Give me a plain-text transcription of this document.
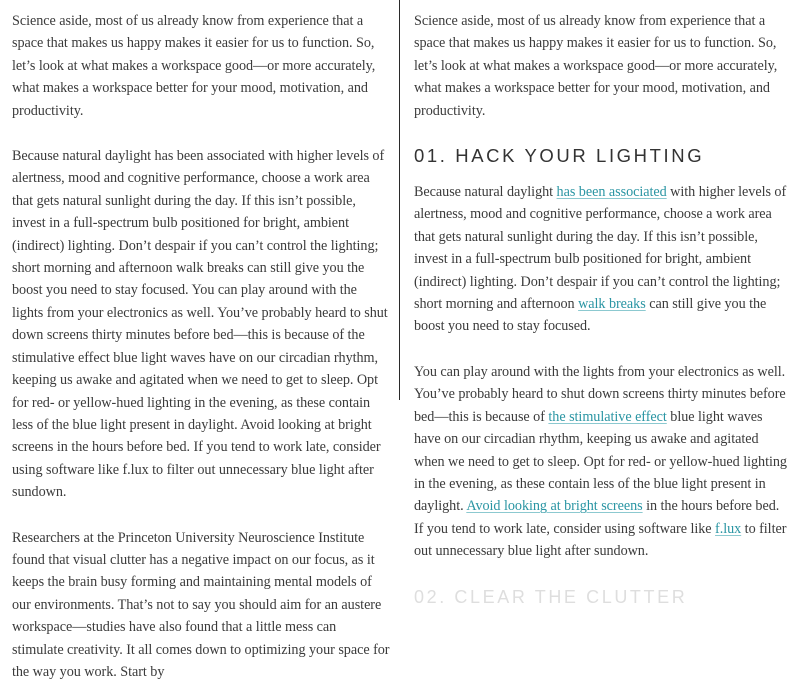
Science aside, most of us already know from experience that a space that makes us happy makes it easier for us to function. So, let’s look at what makes a workspace good—or more accurately, what makes a workspace better for your mood, motivation, and productivity.

Because natural daylight has been associated with higher levels of alertness, mood and cognitive performance, choose a work area that gets natural sunlight during the day. If this isn’t possible, invest in a full-spectrum bulb positioned for bright, ambient (indirect) lighting. Don’t despair if you can’t control the lighting; short morning and afternoon walk breaks can still give you the boost you need to stay focused. You can play around with the lights from your electronics as well. You’ve probably heard to shut down screens thirty minutes before bed—this is because of the stimulative effect blue light waves have on our circadian rhythm, keeping us awake and agitated when we need to get to sleep. Opt for red- or yellow-hued lighting in the evening, as these contain less of the blue light present in daylight. Avoid looking at bright screens in the hours before bed. If you tend to work late, consider using software like f.lux to filter out unnecessary blue light after sundown.

Researchers at the Princeton University Neuroscience Institute found that visual clutter has a negative impact on our focus, as it keeps the brain busy forming and maintaining mental models of our environments. That’s not to say you should aim for an austere workspace—studies have also found that a little mess can stimulate creativity. It all comes down to optimizing your space for the way you work. Start by

Science aside, most of us already know from experience that a space that makes us happy makes it easier for us to function. So, let’s look at what makes a workspace good—or more accurately, what makes a workspace better for your mood, motivation, and productivity.

01. HACK YOUR LIGHTING

Because natural daylight has been associated with higher levels of alertness, mood and cognitive performance, choose a work area that gets natural sunlight during the day. If this isn’t possible, invest in a full-spectrum bulb positioned for bright, ambient (indirect) lighting. Don’t despair if you can’t control the lighting; short morning and afternoon walk breaks can still give you the boost you need to stay focused.

You can play around with the lights from your electronics as well. You’ve probably heard to shut down screens thirty minutes before bed—this is because of the stimulative effect blue light waves have on our circadian rhythm, keeping us awake and agitated when we need to get to sleep. Opt for red- or yellow-hued lighting in the evening, as these contain less of the blue light present in daylight. Avoid looking at bright screens in the hours before bed. If you tend to work late, consider using software like f.lux to filter out unnecessary blue light after sundown.

02. CLEAR THE CLUTTER
